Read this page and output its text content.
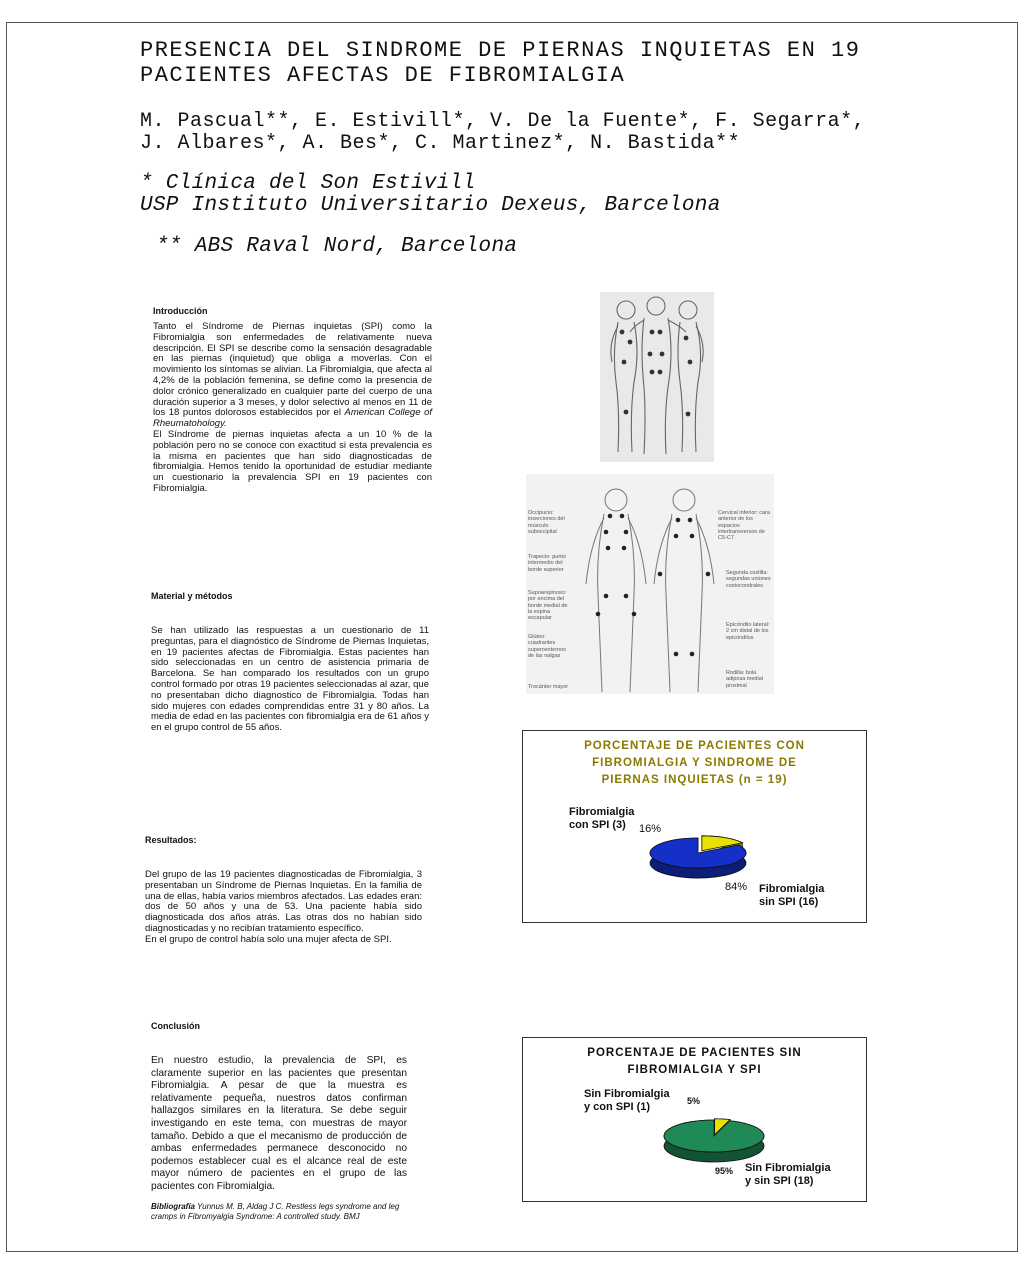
PRESENCIA DEL SINDROME DE PIERNAS INQUIETAS EN 19
PACIENTES AFECTAS DE FIBROMIALGIA
M. Pascual**, E. Estivill*, V. De la Fuente*, F. Segarra*,
J. Albares*, A. Bes*, C. Martinez*, N. Bastida**
* Clínica del Son Estivill
USP Instituto Universitario Dexeus, Barcelona
** ABS Raval Nord, Barcelona
Introducción
Tanto el Síndrome de Piernas inquietas (SPI) como la Fibromialgia son enfermedades de relativamente nueva descripción. El SPI se describe como la sensación desagradable en las piernas (inquietud) que obliga a moverlas. Con el movimiento los síntomas se alivian. La Fibromialgia, que afecta al 4,2% de la población femenina, se define como la presencia de dolor crónico generalizado en cualquier parte del cuerpo de una duración superior a 3 meses, y dolor selectivo al menos en 11 de los 18 puntos dolorosos establecidos por el American College of Rheumatohology.
El Síndrome de piernas inquietas afecta a un 10 % de la población pero no se conoce con exactitud si esta prevalencia es la misma en pacientes que han sido diagnosticadas de fibromialgia. Hemos tenido la oportunidad de estudiar mediante un cuestionario la prevalencia SPI en 19 pacientes con Fibromialgia.
Material y métodos
Se han utilizado las respuestas a un cuestionario de 11 preguntas, para el diagnóstico de Síndrome de Piernas Inquietas, en 19 pacientes afectas de Fibromialgia. Estas pacientes han sido seleccionadas en un centro de asistencia primaria de Barcelona. Se han comparado los resultados con un grupo control formado por otras 19 pacientes seleccionadas al azar, que no presentaban dicho diagnostico de Fibromialgia. Todas han sido mujeres con edades comprendidas entre 31 y 80 años. La media de edad en las pacientes con fibromialgia era de 61 años y en el grupo control de 55 años.
Resultados:
Del grupo de las 19 pacientes diagnosticadas de Fibromialgia, 3 presentaban un Síndrome de Piernas Inquietas. En la familia de una de ellas, había varios miembros afectados. Las edades eran: dos de 50 años y una de 53. Una paciente había sido diagnosticada dos años atrás. Las otras dos no habían sido diagnosticadas y no recibían tratamiento específico.
En el grupo de control había solo una mujer afecta de SPI.
Conclusión
En nuestro estudio, la prevalencia de SPI, es claramente superior en las pacientes que presentan Fibromialgia. A pesar de que la muestra es relativamente pequeña, nuestros datos confirman hallazgos similares en la literatura. Se debe seguir investigando en este tema, con muestras de mayor tamaño. Debido a que el mecanismo de producción de ambas enfermedades permanece desconocido no podemos establecer cual es el alcance real de este mayor número de pacientes en el grupo de las pacientes con Fibromialgia.
Bibliografía Yunnus M. B, Aldag J C. Restless legs syndrome and leg cramps in Fibromyalgia Syndrome: A controlled study. BMJ
Occipucio: inserciones del músculo suboccipital
Trapecio: punto intermedio del borde superior
Supraespinoso: por encima del borde medial de la espina escapular
Glúteo: cuadrantes superoexternos de las nalgas
Trocánter mayor
Cervical inferior: cara anterior de los espacios intertransversos de C5-C7
Segunda costilla: segundas uniones costocondrales
Epicóndilo lateral: 2 cm distal de los epicóndilos
Rodilla: bola adiposa medial proximal
PORCENTAJE DE PACIENTES CON
FIBROMIALGIA Y SINDROME DE
PIERNAS INQUIETAS (n = 19)
Fibromialgia
con SPI (3)	16%
84% Fibromialgia
sin SPI (16)
PORCENTAJE DE PACIENTES SIN
FIBROMIALGIA Y SPI
Sin Fibromialgia
y con SPI (1)	5%
95% Sin Fibromialgia
y sin SPI (18)
